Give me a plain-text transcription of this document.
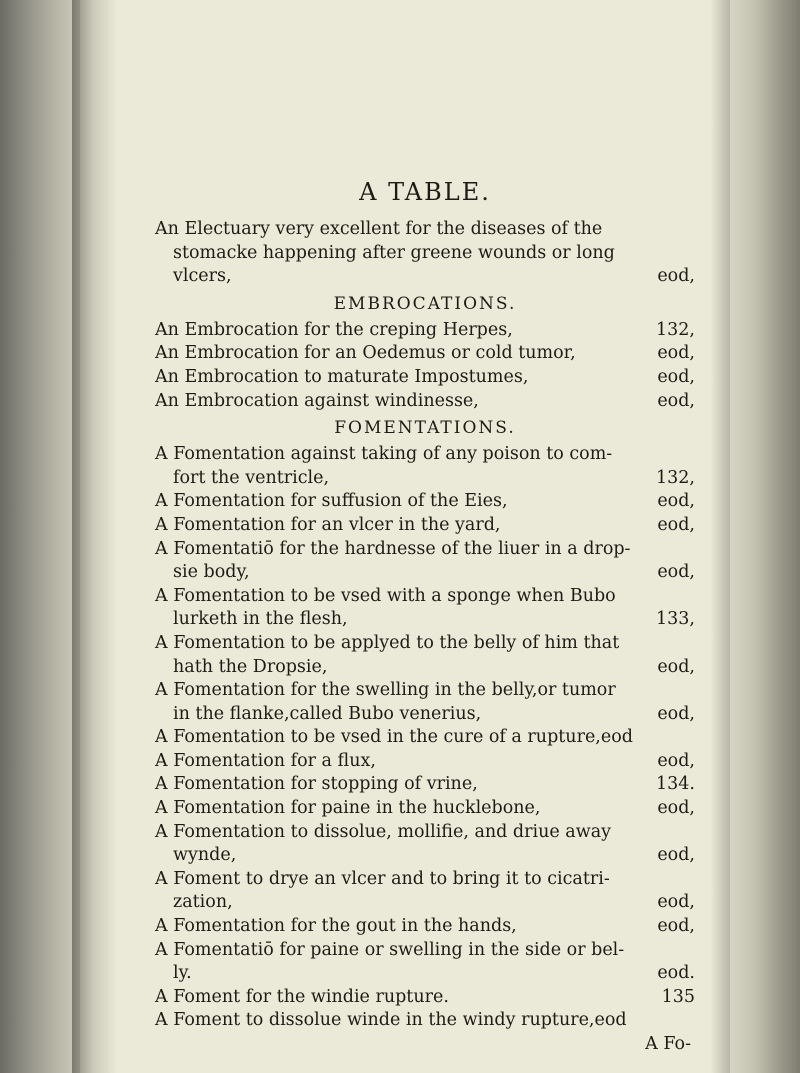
A TABLE.
An Electuary very excellent for the diseases of the
stomacke happening after greene wounds or long
vlcers,	eod,
EMBROCATIONS.
An Embrocation for the creping Herpes,	132,
An Embrocation for an Oedemus or cold tumor,	eod,
An Embrocation to maturate Impostumes,	eod,
An Embrocation against windinesse,	eod,
FOMENTATIONS.
A Fomentation against taking of any poison to com-
fort the ventricle,	132,
A Fomentation for suffusion of the Eies,	eod,
A Fomentation for an vlcer in the yard,	eod,
A Fomentatiō for the hardnesse of the liuer in a drop-
sie body,	eod,
A Fomentation to be vsed with a sponge when Bubo
lurketh in the flesh,	133,
A Fomentation to be applyed to the belly of him that
hath the Dropsie,	eod,
A Fomentation for the swelling in the belly,or tumor
in the flanke,called Bubo venerius,	eod,
A Fomentation to be vsed in the cure of a rupture,eod
A Fomentation for a flux,	eod,
A Fomentation for stopping of vrine,	134.
A Fomentation for paine in the hucklebone,	eod,
A Fomentation to dissolue, mollifie, and driue away
wynde,	eod,
A Foment to drye an vlcer and to bring it to cicatri-
zation,	eod,
A Fomentation for the gout in the hands,	eod,
A Fomentatiō for paine or swelling in the side or bel-
ly.	eod.
A Foment for the windie rupture.	135
A Foment to dissolue winde in the windy rupture,eod
A Fo-
